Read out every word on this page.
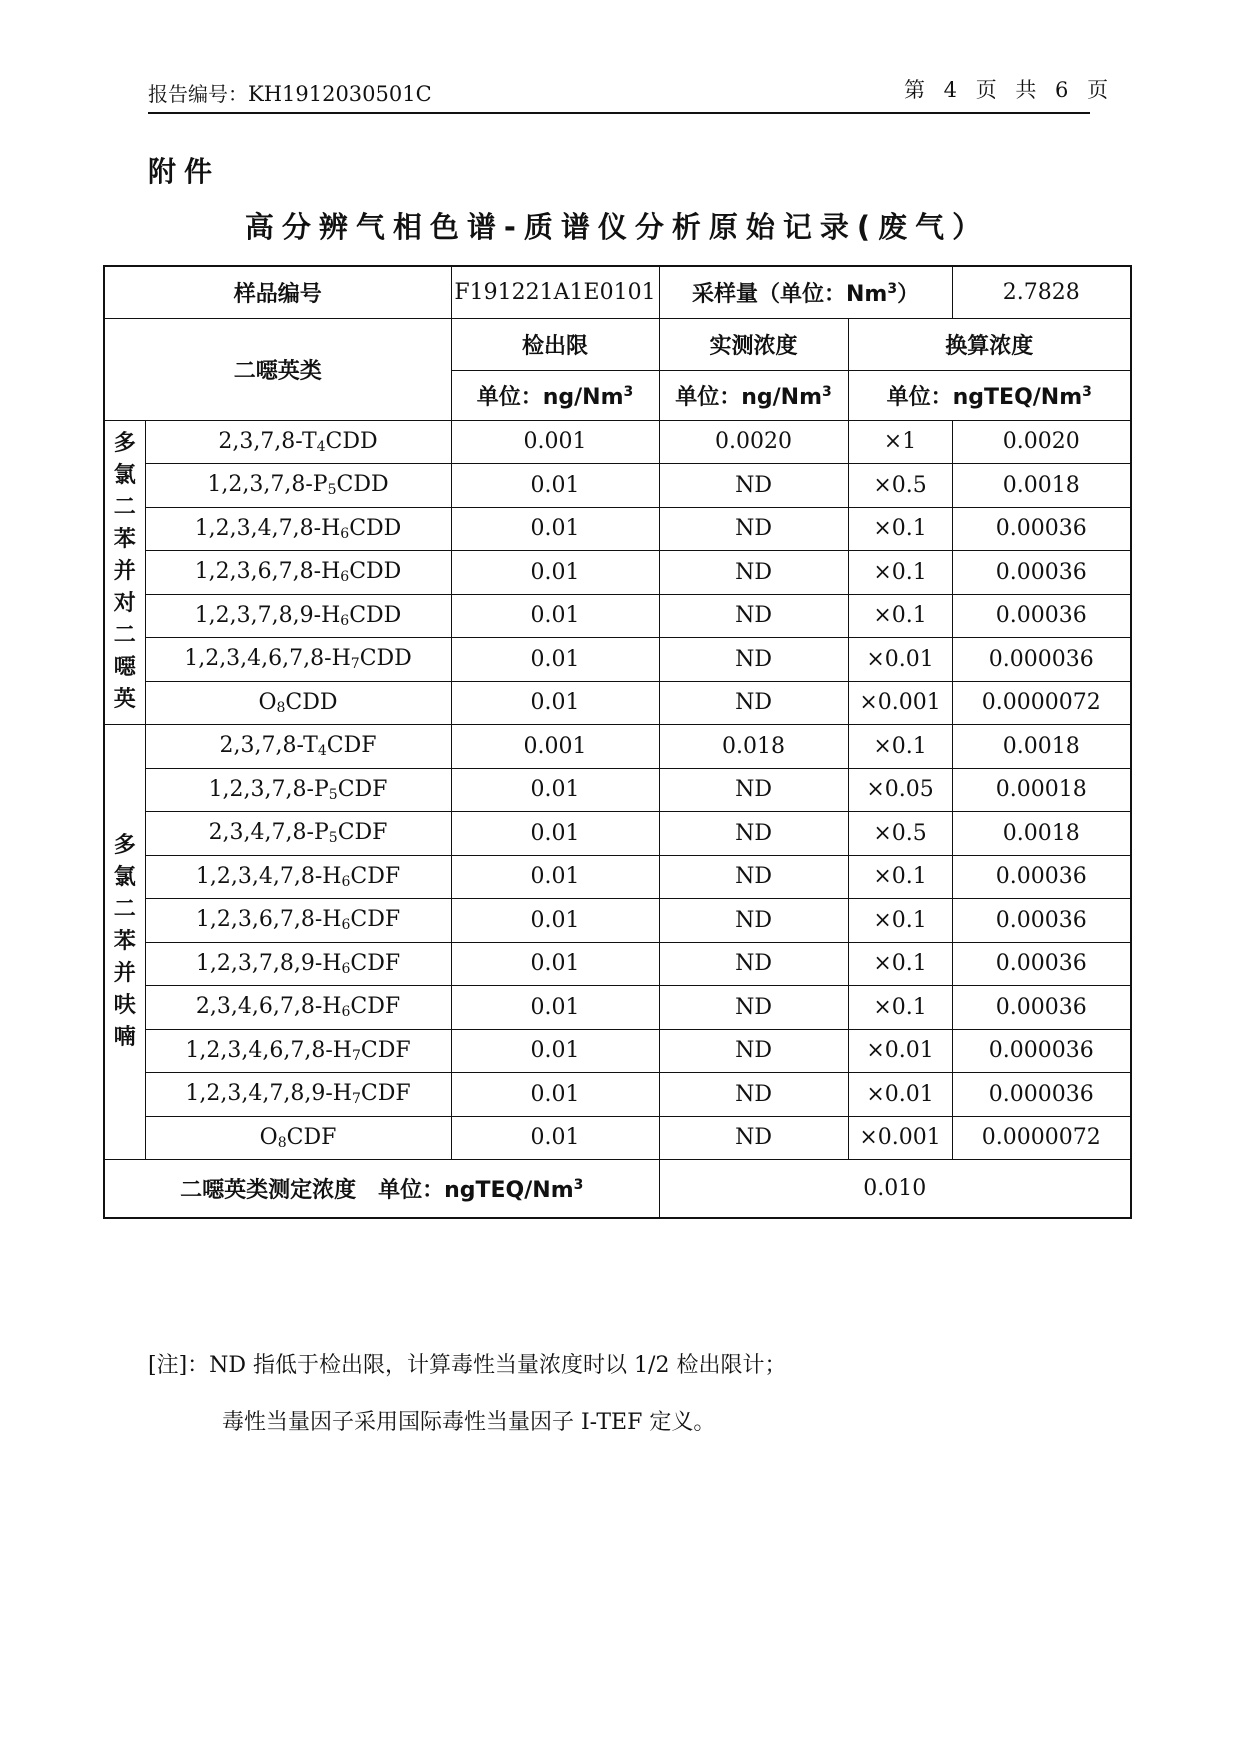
报告编号：KH1912030501C	第 4 页 共 6 页
附件
高分辨气相色谱-质谱仪分析原始记录(废气）
样品编号		F191221A1E0101	采样量（单位：Nm$^3$）		2.7828
二噁英类		检出限	实测浓度	换算浓度	
		单位：ng/Nm$^3$	单位：ng/Nm$^3$	单位：ngTEQ/Nm$^3$

多氯二苯并对二噁英	$2,3,7,8-T_4CDD$	0.001	0.0020	×1	0.0020
	$1,2,3,7,8-P_5CDD$	0.01	ND	×0.5	0.0018
	$1,2,3,4,7,8-H_6CDD$	0.01	ND	×0.1	0.00036
	$1,2,3,6,7,8-H_6CDD$	0.01	ND	×0.1	0.00036
	$1,2,3,7,8,9-H_6CDD$	0.01	ND	×0.1	0.00036
	$1,2,3,4,6,7,8-H_7CDD$	0.01	ND	×0.01	0.000036
	$O_8CDD$	0.01	ND	×0.001	0.0000072

多氯二苯并呋喃	$2,3,7,8-T_4CDF$	0.001	0.018	×0.1	0.0018
	$1,2,3,7,8-P_5CDF$	0.01	ND	×0.05	0.00018
	$2,3,4,7,8-P_5CDF$	0.01	ND	×0.5	0.0018
	$1,2,3,4,7,8-H_6CDF$	0.01	ND	×0.1	0.00036
	$1,2,3,6,7,8-H_6CDF$	0.01	ND	×0.1	0.00036
	$1,2,3,7,8,9-H_6CDF$	0.01	ND	×0.1	0.00036
	$2,3,4,6,7,8-H_6CDF$	0.01	ND	×0.1	0.00036
	$1,2,3,4,6,7,8-H_7CDF$	0.01	ND	×0.01	0.000036
	$1,2,3,4,7,8,9-H_7CDF$	0.01	ND	×0.01	0.000036
	$O_8CDF$	0.01	ND	×0.001	0.0000072
二噁英类测定浓度　单位：ngTEQ/Nm$^3$			0.010		
[注]：ND 指低于检出限，计算毒性当量浓度时以 1/2 检出限计；
毒性当量因子采用国际毒性当量因子 I-TEF 定义。
